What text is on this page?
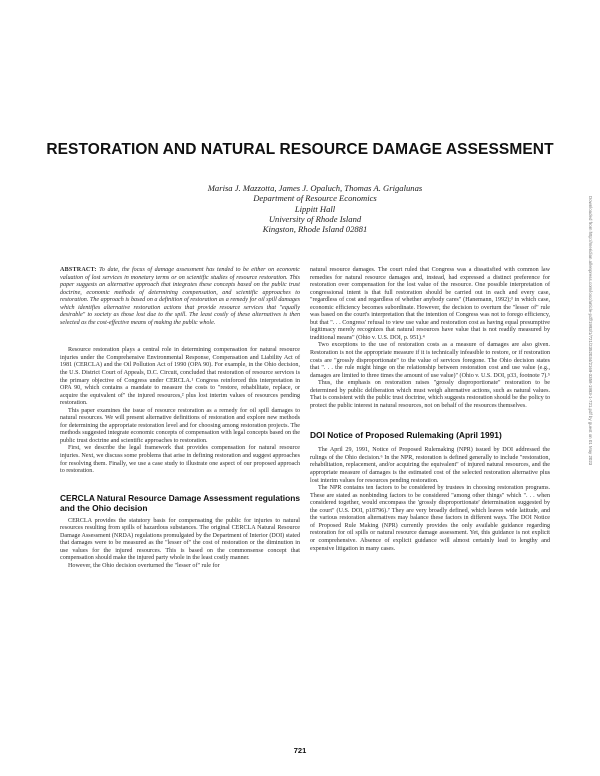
RESTORATION AND NATURAL RESOURCE DAMAGE ASSESSMENT
Marisa J. Mazzotta, James J. Opaluch, Thomas A. Grigalunas
Department of Resource Economics
Lippitt Hall
University of Rhode Island
Kingston, Rhode Island 02881

ABSTRACT: To date, the focus of damage assessment has tended to be either on economic valuation of lost services in monetary terms or on scientific studies of resource restoration. This paper suggests an alternative approach that integrates these concepts based on the public trust doctrine, economic methods of determining compensation, and scientific approaches to restoration. The approach is based on a definition of restoration as a remedy for oil spill damages which identifies alternative restoration actions that provide resource services that "equally desirable" to society as those lost due to the spill. The least costly of these alternatives is then selected as the cost-effective means of making the public whole.

Resource restoration plays a central role in determining compensation for natural resource injuries under the Comprehensive Environmental Response, Compensation and Liability Act of 1981 (CERCLA) and the Oil Pollution Act of 1990 (OPA 90). For example, in the Ohio decision, the U.S. District Court of Appeals, D.C. Circuit, concluded that restoration of resource services is the primary objective of Congress under CERCLA.¹ Congress reinforced this interpretation in OPA 90, which contains a mandate to measure the costs to "restore, rehabilitate, replace, or acquire the equivalent of" the injured resources,² plus lost interim values of resources pending restoration.

This paper examines the issue of resource restoration as a remedy for oil spill damages to natural resources. We will present alternative definitions of restoration and explore new methods for determining the appropriate restoration level and for choosing among restoration projects. The methods suggested integrate economic concepts of compensation with legal concepts based on the public trust doctrine and scientific approaches to restoration.

First, we describe the legal framework that provides compensation for natural resource injuries. Next, we discuss some problems that arise in defining restoration and suggest approaches for resolving them. Finally, we use a case study to illustrate one aspect of our proposed approach to restoration.

CERCLA Natural Resource Damage Assessment regulations and the Ohio decision

CERCLA provides the statutory basis for compensating the public for injuries to natural resources resulting from spills of hazardous substances. The original CERCLA Natural Resource Damage Assessment (NRDA) regulations promulgated by the Department of Interior (DOI) stated that damages were to be measured as the "lesser of" the cost of restoration or the diminution in use values for the injured resources. This is based on the commonsense concept that compensation should make the injured party whole in the least costly manner.

However, the Ohio decision overturned the "lesser of" rule for

natural resource damages. The court ruled that Congress was a dissatisfied with common law remedies for natural resource damages and, instead, had expressed a distinct preference for restoration over compensation for the lost value of the resource. One possible interpretation of congressional intent is that full restoration should be carried out in each and every case, "regardless of cost and regardless of whether anybody cares" (Hanemann, 1992);³ in which case, economic efficiency becomes subordinate. However, the decision to overturn the "lesser of" rule was based on the court's interpretation that the intention of Congress was not to forego efficiency, but that ". . . Congress' refusal to view use value and restoration cost as having equal presumptive legitimacy merely recognizes that natural resources have value that is not readily measured by traditional means" (Ohio v. U.S. DOI, p. 951).⁴

Two exceptions to the use of restoration costs as a measure of damages are also given. Restoration is not the appropriate measure if it is technically infeasible to restore, or if restoration costs are "grossly disproportionate" to the value of services foregone. The Ohio decision states that ". . . the rule might hinge on the relationship between restoration cost and use value (e.g., damages are limited to three times the amount of use value)" (Ohio v. U.S. DOI, p33, footnote 7).⁵

Thus, the emphasis on restoration raises "grossly disproportionate" restoration to be determined by public deliberation which must weigh alternative actions, such as natural values. That is consistent with the public trust doctrine, which suggests restoration should be the policy to protect the public interest in natural resources, not on behalf of the resources themselves.

DOI Notice of Proposed Rulemaking (April 1991)

The April 29, 1991, Notice of Proposed Rulemaking (NPR) issued by DOI addressed the rulings of the Ohio decision.⁶ In the NPR, restoration is defined generally to include "restoration, rehabilitation, replacement, and/or acquiring the equivalent" of injured natural resources, and the appropriate measure of damages is the estimated cost of the selected restoration alternative plus lost interim values for resources pending restoration.

The NPR contains ten factors to be considered by trustees in choosing restoration programs. These are stated as nonbinding factors to be considered "among other things" which ". . . when considered together, would encompass the 'grossly disproportionate' determination suggested by the court" (U.S. DOI, p18796).⁷ They are very broadly defined, which leaves wide latitude, and the various restoration alternatives may balance these factors in different ways. The DOI Notice of Proposed Rule Making (NPR) currently provides the only available guidance regarding restoration for oil spills or natural resource damage assessment. Yet, this guidance is not explicit or comprehensive. Absence of explicit guidance will almost certainly lead to lengthy and expensive litigation in many cases.

721
Downloaded from http://meridian.allenpress.com/iosc/article-pdf/1993/1/721/2352034/2169-3358-1993-1-721.pdf by guest on 01 May 2023
